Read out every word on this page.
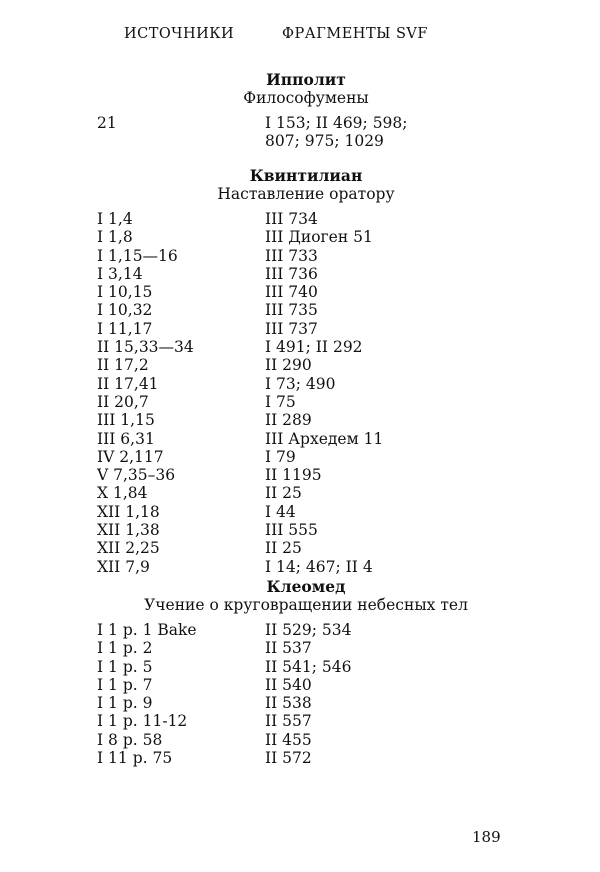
ИСТОЧНИКИ	ФРАГМЕНТЫ SVF
Ипполит
Философумены
21	I 153; II 469; 598;
807; 975; 1029
Квинтилиан
Наставление оратору
I 1,4	III 734
I 1,8	III Диоген 51
I 1,15—16	III 733
I 3,14	III 736
I 10,15	III 740
I 10,32	III 735
I 11,17	III 737
II 15,33—34	I 491; II 292
II 17,2	II 290
II 17,41	I 73; 490
II 20,7	I 75
III 1,15	II 289
III 6,31	III Архедем 11
IV 2,117	I 79
V 7,35–36	II 1195
X 1,84	II 25
XII 1,18	I 44
XII 1,38	III 555
XII 2,25	II 25
XII 7,9	I 14; 467; II 4
Клеомед
Учение о круговращении небесных тел
I 1 p. 1 Bake	II 529; 534
I 1 p. 2	II 537
I 1 p. 5	II 541; 546
I 1 p. 7	II 540
I 1 p. 9	II 538
I 1 p. 11-12	II 557
I 8 p. 58	II 455
I 11 p. 75	II 572
189
